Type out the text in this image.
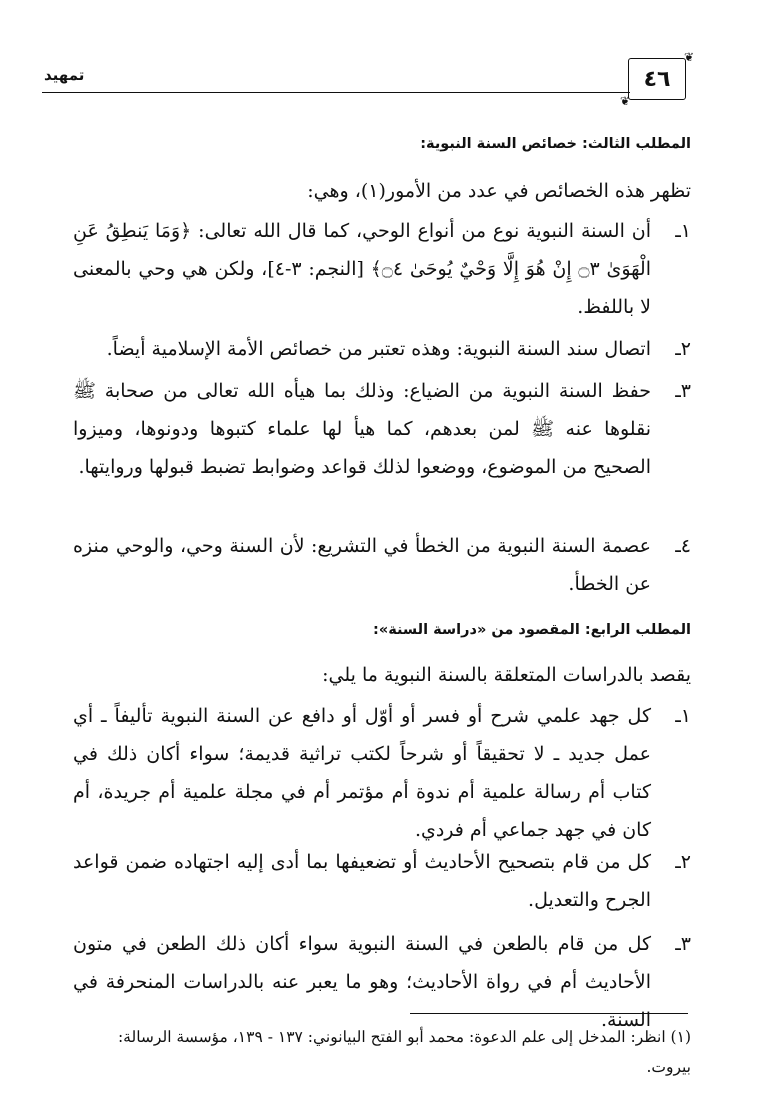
❦
٤٦
❦
تمهيد
المطلب الثالث: خصائص السنة النبوية:
تظهر هذه الخصائص في عدد من الأمور(١)، وهي:
١ـ
أن السنة النبوية نوع من أنواع الوحي، كما قال الله تعالى: ﴿وَمَا يَنطِقُ عَنِ الْهَوَىٰ ۝٣ إِنْ هُوَ إِلَّا وَحْيٌ يُوحَىٰ ۝٤﴾ [النجم: ٣-٤]، ولكن هي وحي بالمعنى لا باللفظ.
٢ـ
اتصال سند السنة النبوية: وهذه تعتبر من خصائص الأمة الإسلامية أيضاً.
٣ـ
حفظ السنة النبوية من الضياع: وذلك بما هيأه الله تعالى من صحابة ﷺ نقلوها عنه ﷺ لمن بعدهم، كما هيأ لها علماء كتبوها ودونوها، وميزوا الصحيح من الموضوع، ووضعوا لذلك قواعد وضوابط تضبط قبولها وروايتها.
٤ـ
عصمة السنة النبوية من الخطأ في التشريع: لأن السنة وحي، والوحي منزه عن الخطأ.
المطلب الرابع: المقصود من «دراسة السنة»:
يقصد بالدراسات المتعلقة بالسنة النبوية ما يلي:
١ـ
كل جهد علمي شرح أو فسر أو أوّل أو دافع عن السنة النبوية تأليفاً ـ أي عمل جديد ـ لا تحقيقاً أو شرحاً لكتب تراثية قديمة؛ سواء أكان ذلك في كتاب أم رسالة علمية أم ندوة أم مؤتمر أم في مجلة علمية أم جريدة، أم كان في جهد جماعي أم فردي.
٢ـ
كل من قام بتصحيح الأحاديث أو تضعيفها بما أدى إليه اجتهاده ضمن قواعد الجرح والتعديل.
٣ـ
كل من قام بالطعن في السنة النبوية سواء أكان ذلك الطعن في متون الأحاديث أم في رواة الأحاديث؛ وهو ما يعبر عنه بالدراسات المنحرفة في السنة.
(١) انظر: المدخل إلى علم الدعوة: محمد أبو الفتح البيانوني: ١٣٧ - ١٣٩، مؤسسة الرسالة: بيروت.
